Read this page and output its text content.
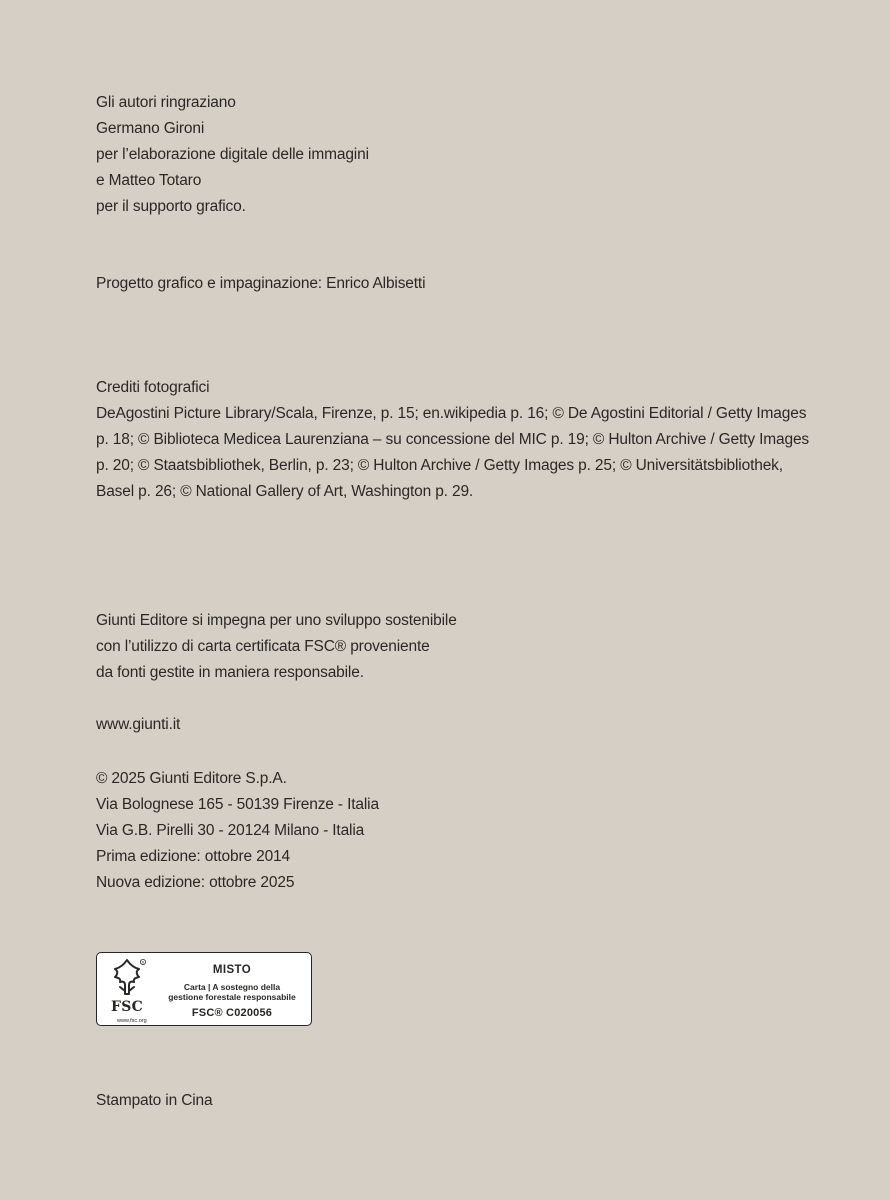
Gli autori ringraziano
Germano Gironi
per l’elaborazione digitale delle immagini
e Matteo Totaro
per il supporto grafico.
Progetto grafico e impaginazione: Enrico Albisetti
Crediti fotografici
DeAgostini Picture Library/Scala, Firenze, p. 15; en.wikipedia p. 16; © De Agostini Editorial / Getty Images p. 18; © Biblioteca Medicea Laurenziana – su concessione del MIC p. 19; © Hulton Archive / Getty Images p. 20; © Staatsbibliothek, Berlin, p. 23; © Hulton Archive / Getty Images p. 25; © Universitätsbibliothek, Basel p. 26; © National Gallery of Art, Washington p. 29.
Giunti Editore si impegna per uno sviluppo sostenibile
con l’utilizzo di carta certificata FSC® proveniente
da fonti gestite in maniera responsabile.
www.giunti.it
© 2025 Giunti Editore S.p.A.
Via Bolognese 165 - 50139 Firenze - Italia
Via G.B. Pirelli 30 - 20124 Milano - Italia
Prima edizione: ottobre 2014
Nuova edizione: ottobre 2025
R
FSC
www.fsc.org
MISTO
Carta | A sostegno della
gestione forestale responsabile
FSC® C020056
Stampato in Cina
